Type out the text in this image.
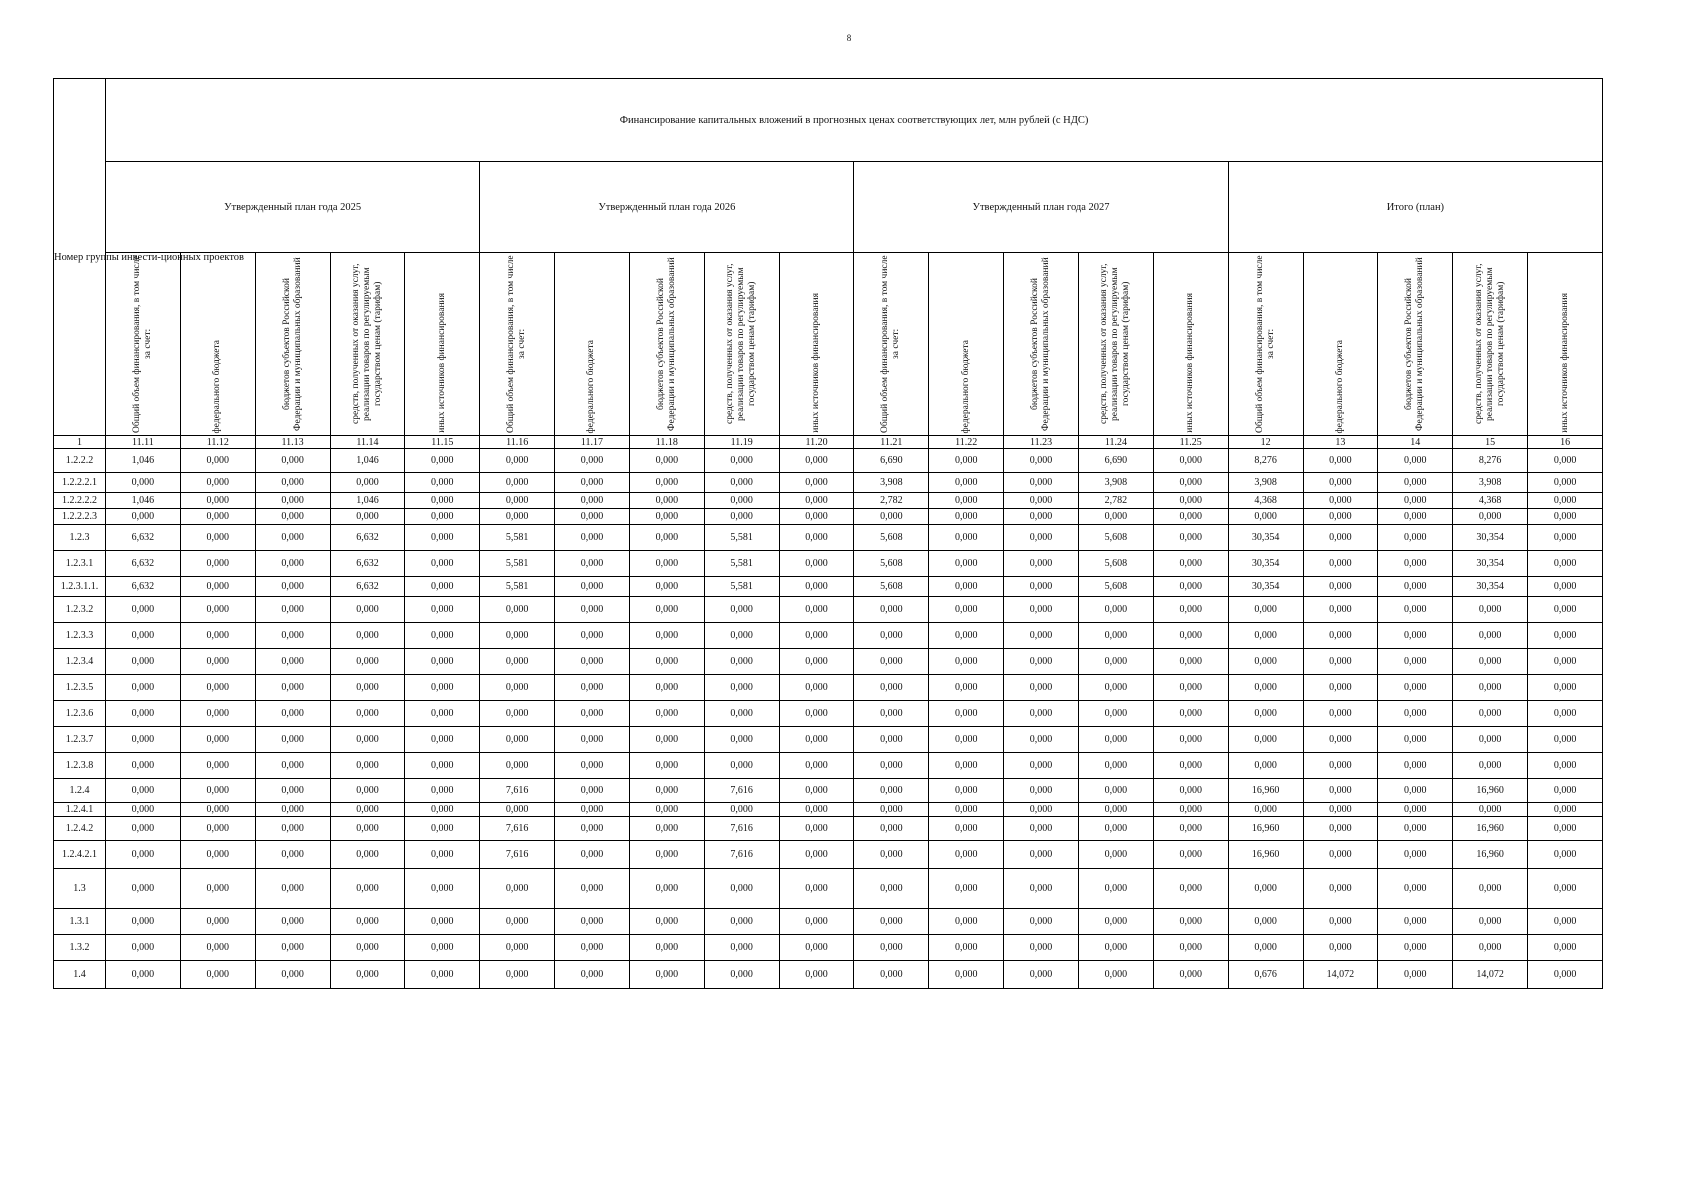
8
Номер группы инвести-ционных проектов	Финансирование капитальных вложений в прогнозных ценах соответствующих лет, млн рублей (с НДС)																			
	Утвержденный план года 2025					Утвержденный план года 2026					Утвержденный план года 2027					Итого (план)				

	Общий объем финансирования, в том числе за счет:	федерального бюджета	бюджетов субъектов Российской Федерации и муниципальных образований	средств, полученных от оказания услуг, реализации товаров по регулируемым государством ценам (тарифам)	иных источников финансирования	Общий объем финансирования, в том числе за счет:	федерального бюджета	бюджетов субъектов Российской Федерации и муниципальных образований	средств, полученных от оказания услуг, реализации товаров по регулируемым государством ценам (тарифам)	иных источников финансирования	Общий объем финансирования, в том числе за счет:	федерального бюджета	бюджетов субъектов Российской Федерации и муниципальных образований	средств, полученных от оказания услуг, реализации товаров по регулируемым государством ценам (тарифам)	иных источников финансирования	Общий объем финансирования, в том числе за счет:	федерального бюджета	бюджетов субъектов Российской Федерации и муниципальных образований	средств, полученных от оказания услуг, реализации товаров по регулируемым государством ценам (тарифам)	иных источников финансирования

1	11.11	11.12	11.13	11.14	11.15	11.16	11.17	11.18	11.19	11.20	11.21	11.22	11.23	11.24	11.25	12	13	14	15	16
1.2.2.2	1,046	0,000	0,000	1,046	0,000	0,000	0,000	0,000	0,000	0,000	6,690	0,000	0,000	6,690	0,000	8,276	0,000	0,000	8,276	0,000
1.2.2.2.1	0,000	0,000	0,000	0,000	0,000	0,000	0,000	0,000	0,000	0,000	3,908	0,000	0,000	3,908	0,000	3,908	0,000	0,000	3,908	0,000
1.2.2.2.2	1,046	0,000	0,000	1,046	0,000	0,000	0,000	0,000	0,000	0,000	2,782	0,000	0,000	2,782	0,000	4,368	0,000	0,000	4,368	0,000
1.2.2.2.3	0,000	0,000	0,000	0,000	0,000	0,000	0,000	0,000	0,000	0,000	0,000	0,000	0,000	0,000	0,000	0,000	0,000	0,000	0,000	0,000
1.2.3	6,632	0,000	0,000	6,632	0,000	5,581	0,000	0,000	5,581	0,000	5,608	0,000	0,000	5,608	0,000	30,354	0,000	0,000	30,354	0,000
1.2.3.1	6,632	0,000	0,000	6,632	0,000	5,581	0,000	0,000	5,581	0,000	5,608	0,000	0,000	5,608	0,000	30,354	0,000	0,000	30,354	0,000
1.2.3.1.1.	6,632	0,000	0,000	6,632	0,000	5,581	0,000	0,000	5,581	0,000	5,608	0,000	0,000	5,608	0,000	30,354	0,000	0,000	30,354	0,000
1.2.3.2	0,000	0,000	0,000	0,000	0,000	0,000	0,000	0,000	0,000	0,000	0,000	0,000	0,000	0,000	0,000	0,000	0,000	0,000	0,000	0,000
1.2.3.3	0,000	0,000	0,000	0,000	0,000	0,000	0,000	0,000	0,000	0,000	0,000	0,000	0,000	0,000	0,000	0,000	0,000	0,000	0,000	0,000
1.2.3.4	0,000	0,000	0,000	0,000	0,000	0,000	0,000	0,000	0,000	0,000	0,000	0,000	0,000	0,000	0,000	0,000	0,000	0,000	0,000	0,000
1.2.3.5	0,000	0,000	0,000	0,000	0,000	0,000	0,000	0,000	0,000	0,000	0,000	0,000	0,000	0,000	0,000	0,000	0,000	0,000	0,000	0,000
1.2.3.6	0,000	0,000	0,000	0,000	0,000	0,000	0,000	0,000	0,000	0,000	0,000	0,000	0,000	0,000	0,000	0,000	0,000	0,000	0,000	0,000
1.2.3.7	0,000	0,000	0,000	0,000	0,000	0,000	0,000	0,000	0,000	0,000	0,000	0,000	0,000	0,000	0,000	0,000	0,000	0,000	0,000	0,000
1.2.3.8	0,000	0,000	0,000	0,000	0,000	0,000	0,000	0,000	0,000	0,000	0,000	0,000	0,000	0,000	0,000	0,000	0,000	0,000	0,000	0,000
1.2.4	0,000	0,000	0,000	0,000	0,000	7,616	0,000	0,000	7,616	0,000	0,000	0,000	0,000	0,000	0,000	16,960	0,000	0,000	16,960	0,000
1.2.4.1	0,000	0,000	0,000	0,000	0,000	0,000	0,000	0,000	0,000	0,000	0,000	0,000	0,000	0,000	0,000	0,000	0,000	0,000	0,000	0,000
1.2.4.2	0,000	0,000	0,000	0,000	0,000	7,616	0,000	0,000	7,616	0,000	0,000	0,000	0,000	0,000	0,000	16,960	0,000	0,000	16,960	0,000
1.2.4.2.1	0,000	0,000	0,000	0,000	0,000	7,616	0,000	0,000	7,616	0,000	0,000	0,000	0,000	0,000	0,000	16,960	0,000	0,000	16,960	0,000
1.3	0,000	0,000	0,000	0,000	0,000	0,000	0,000	0,000	0,000	0,000	0,000	0,000	0,000	0,000	0,000	0,000	0,000	0,000	0,000	0,000
1.3.1	0,000	0,000	0,000	0,000	0,000	0,000	0,000	0,000	0,000	0,000	0,000	0,000	0,000	0,000	0,000	0,000	0,000	0,000	0,000	0,000
1.3.2	0,000	0,000	0,000	0,000	0,000	0,000	0,000	0,000	0,000	0,000	0,000	0,000	0,000	0,000	0,000	0,000	0,000	0,000	0,000	0,000
1.4	0,000	0,000	0,000	0,000	0,000	0,000	0,000	0,000	0,000	0,000	0,000	0,000	0,000	0,000	0,000	0,676	14,072	0,000	14,072	0,000
